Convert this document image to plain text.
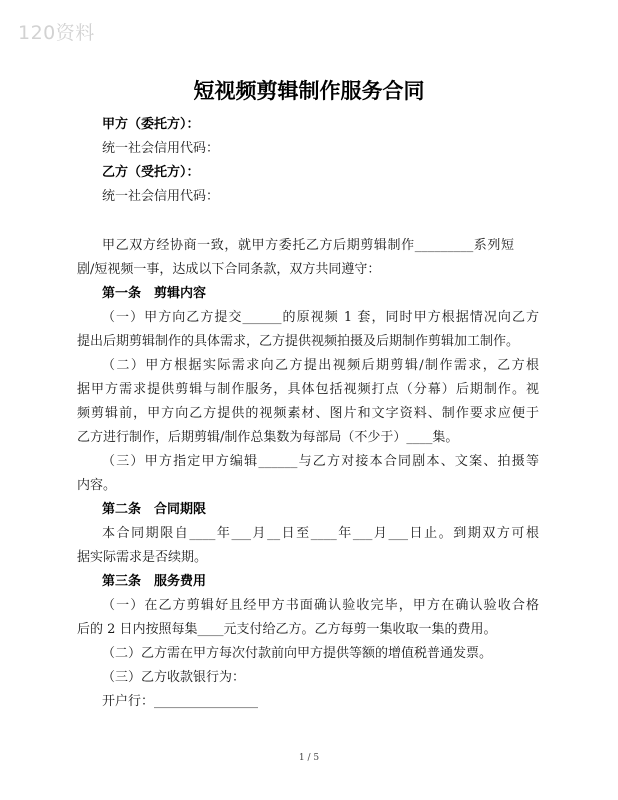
120资料
短视频剪辑制作服务合同
甲方（委托方）：
统一社会信用代码：
乙方（受托方）：
统一社会信用代码：
甲乙双方经协商一致，就甲方委托乙方后期剪辑制作_________系列短
剧/短视频一事，达成以下合同条款，双方共同遵守：
第一条　剪辑内容
（一）甲方向乙方提交______的原视频 1 套，同时甲方根据情况向乙方
提出后期剪辑制作的具体需求，乙方提供视频拍摄及后期制作剪辑加工制作。
（二）甲方根据实际需求向乙方提出视频后期剪辑/制作需求，乙方根
据甲方需求提供剪辑与制作服务，具体包括视频打点（分幕）后期制作。视
频剪辑前，甲方向乙方提供的视频素材、图片和文字资料、制作要求应便于
乙方进行制作，后期剪辑/制作总集数为每部局（不少于）____集。
（三）甲方指定甲方编辑______与乙方对接本合同剧本、文案、拍摄等
内容。
第二条　合同期限
本合同期限自____年___月__日至____年___月___日止。到期双方可根
据实际需求是否续期。
第三条　服务费用
（一）在乙方剪辑好且经甲方书面确认验收完毕，甲方在确认验收合格
后的 2 日内按照每集____元支付给乙方。乙方每剪一集收取一集的费用。
（二）乙方需在甲方每次付款前向甲方提供等额的增值税普通发票。
（三）乙方收款银行为：
开户行：________________
1 / 5
